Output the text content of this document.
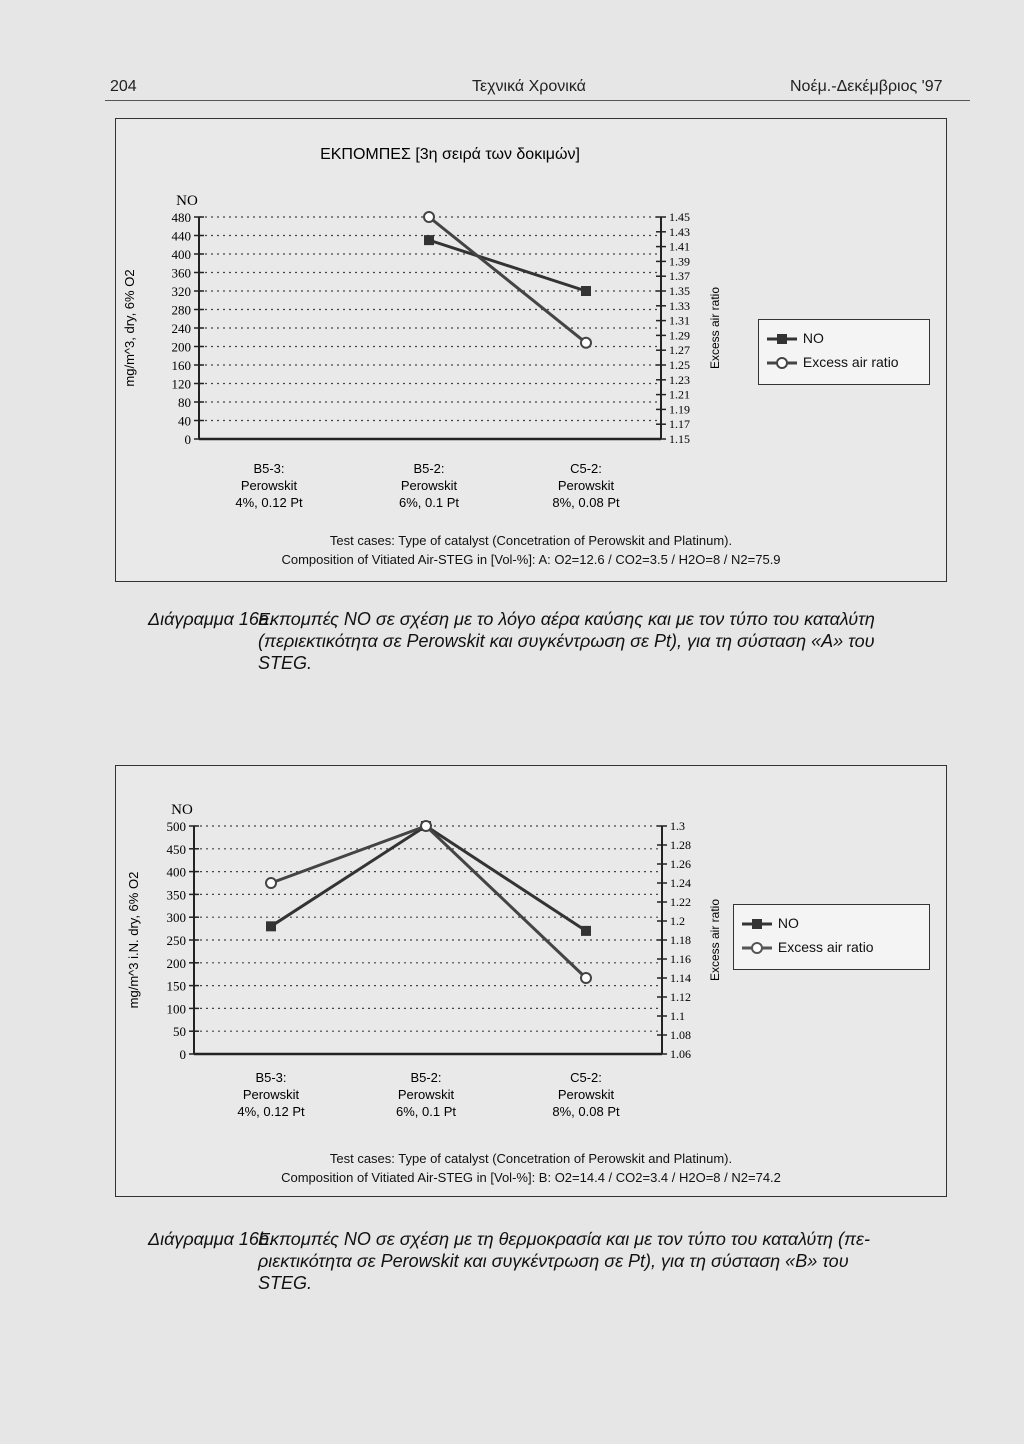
204	Τεχνικά Χρονικά	Νοέμ.-Δεκέμβριος '97
ΕΚΠΟΜΠΕΣ [3η σειρά των δοκιμών]
0
40
80
120
160
200
240
280
320
360
400
440
480
1.15
1.17
1.19
1.21
1.23
1.25
1.27
1.29
1.31
1.33
1.35
1.37
1.39
1.41
1.43
1.45
NO
mg/m^3, dry, 6% O2	Excess air ratio
B5-3:
Perowskit
4%, 0.12 Pt
B5-2:
Perowskit
6%, 0.1 Pt
C5-2:
Perowskit
8%, 0.08 Pt
NO
Excess air ratio
Test cases: Type of catalyst (Concetration of Perowskit and Platinum).
Composition of Vitiated Air-STEG in [Vol-%]: A: O2=12.6 / CO2=3.5 / H2O=8 / N2=75.9
Διάγραμμα 16a.
Εκπομπές NO σε σχέση με το λόγο αέρα καύσης και με τον τύπο του καταλύτη
(περιεκτικότητα σε Perowskit και συγκέντρωση σε Pt), για τη σύσταση «A» του
STEG.
0
50
100
150
200
250
300
350
400
450
500
1.06
1.08
1.1
1.12
1.14
1.16
1.18
1.2
1.22
1.24
1.26
1.28
1.3
NO
mg/m^3 i.N. dry, 6% O2	Excess air ratio
B5-3:
Perowskit
4%, 0.12 Pt
B5-2:
Perowskit
6%, 0.1 Pt
C5-2:
Perowskit
8%, 0.08 Pt
NO
Excess air ratio
Test cases: Type of catalyst (Concetration of Perowskit and Platinum).
Composition of Vitiated Air-STEG in [Vol-%]: B: O2=14.4 / CO2=3.4 / H2O=8 / N2=74.2
Διάγραμμα 16b.
Εκπομπές NO σε σχέση με τη θερμοκρασία και με τον τύπο του καταλύτη (πε-
ριεκτικότητα σε Perowskit και συγκέντρωση σε Pt), για τη σύσταση «B» του
STEG.
